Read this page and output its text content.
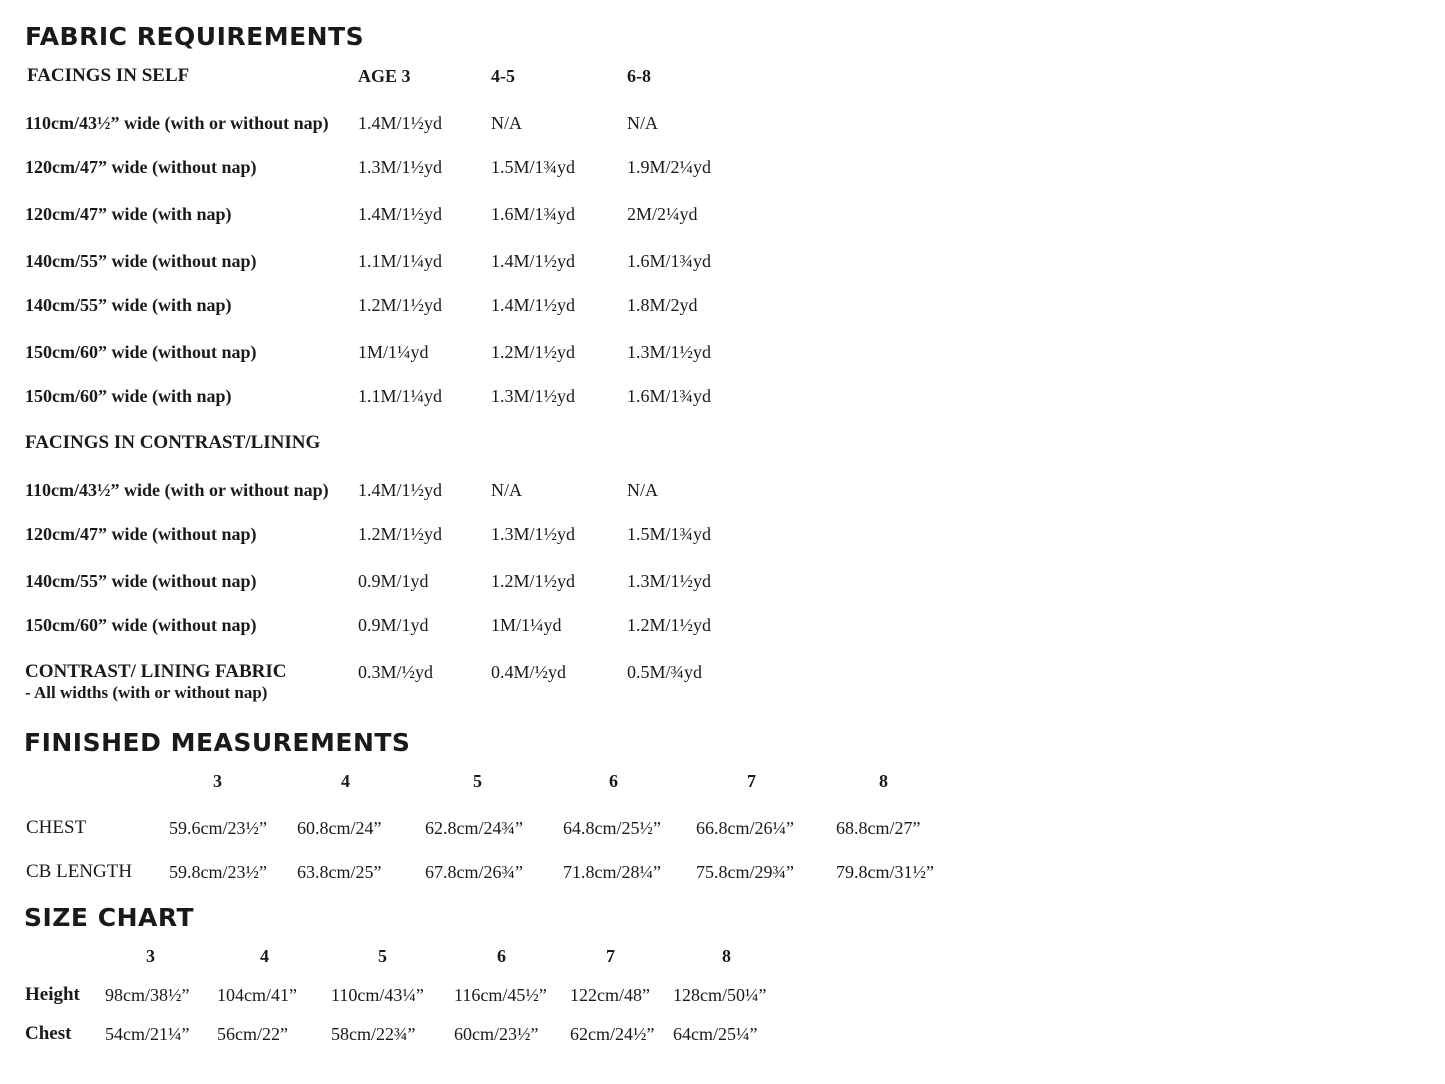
FABRIC REQUIREMENTS
FACINGS IN SELF	AGE 3	4-5	6-8
110cm/43½” wide (with or without nap) 1.4M/1½yd	N/A	N/A
120cm/47” wide (without nap)	1.3M/1½yd	1.5M/1¾yd	1.9M/2¼yd
120cm/47” wide (with nap)	1.4M/1½yd	1.6M/1¾yd	2M/2¼yd
140cm/55” wide (without nap)	1.1M/1¼yd	1.4M/1½yd	1.6M/1¾yd
140cm/55” wide (with nap)	1.2M/1½yd	1.4M/1½yd	1.8M/2yd
150cm/60” wide (without nap)	1M/1¼yd	1.2M/1½yd	1.3M/1½yd
150cm/60” wide (with nap)	1.1M/1¼yd	1.3M/1½yd	1.6M/1¾yd
FACINGS IN CONTRAST/LINING
110cm/43½” wide (with or without nap) 1.4M/1½yd	N/A	N/A
120cm/47” wide (without nap)	1.2M/1½yd	1.3M/1½yd	1.5M/1¾yd
140cm/55” wide (without nap)	0.9M/1yd	1.2M/1½yd	1.3M/1½yd
150cm/60” wide (without nap)	0.9M/1yd	1M/1¼yd	1.2M/1½yd
CONTRAST/ LINING FABRIC
- All widths (with or without nap)
0.3M/½yd	0.4M/½yd	0.5M/¾yd
FINISHED MEASUREMENTS
3	4	5	6	7	8
CHEST	59.6cm/23½” 60.8cm/24” 62.8cm/24¾” 64.8cm/25½” 66.8cm/26¼” 68.8cm/27”
CB LENGTH 59.8cm/23½” 63.8cm/25” 67.8cm/26¾” 71.8cm/28¼” 75.8cm/29¾” 79.8cm/31½”
SIZE CHART
3	4	5	6	7	8
Height 98cm/38½” 104cm/41” 110cm/43¼” 116cm/45½” 122cm/48” 128cm/50¼”
Chest 54cm/21¼” 56cm/22” 58cm/22¾” 60cm/23½” 62cm/24½” 64cm/25¼”
